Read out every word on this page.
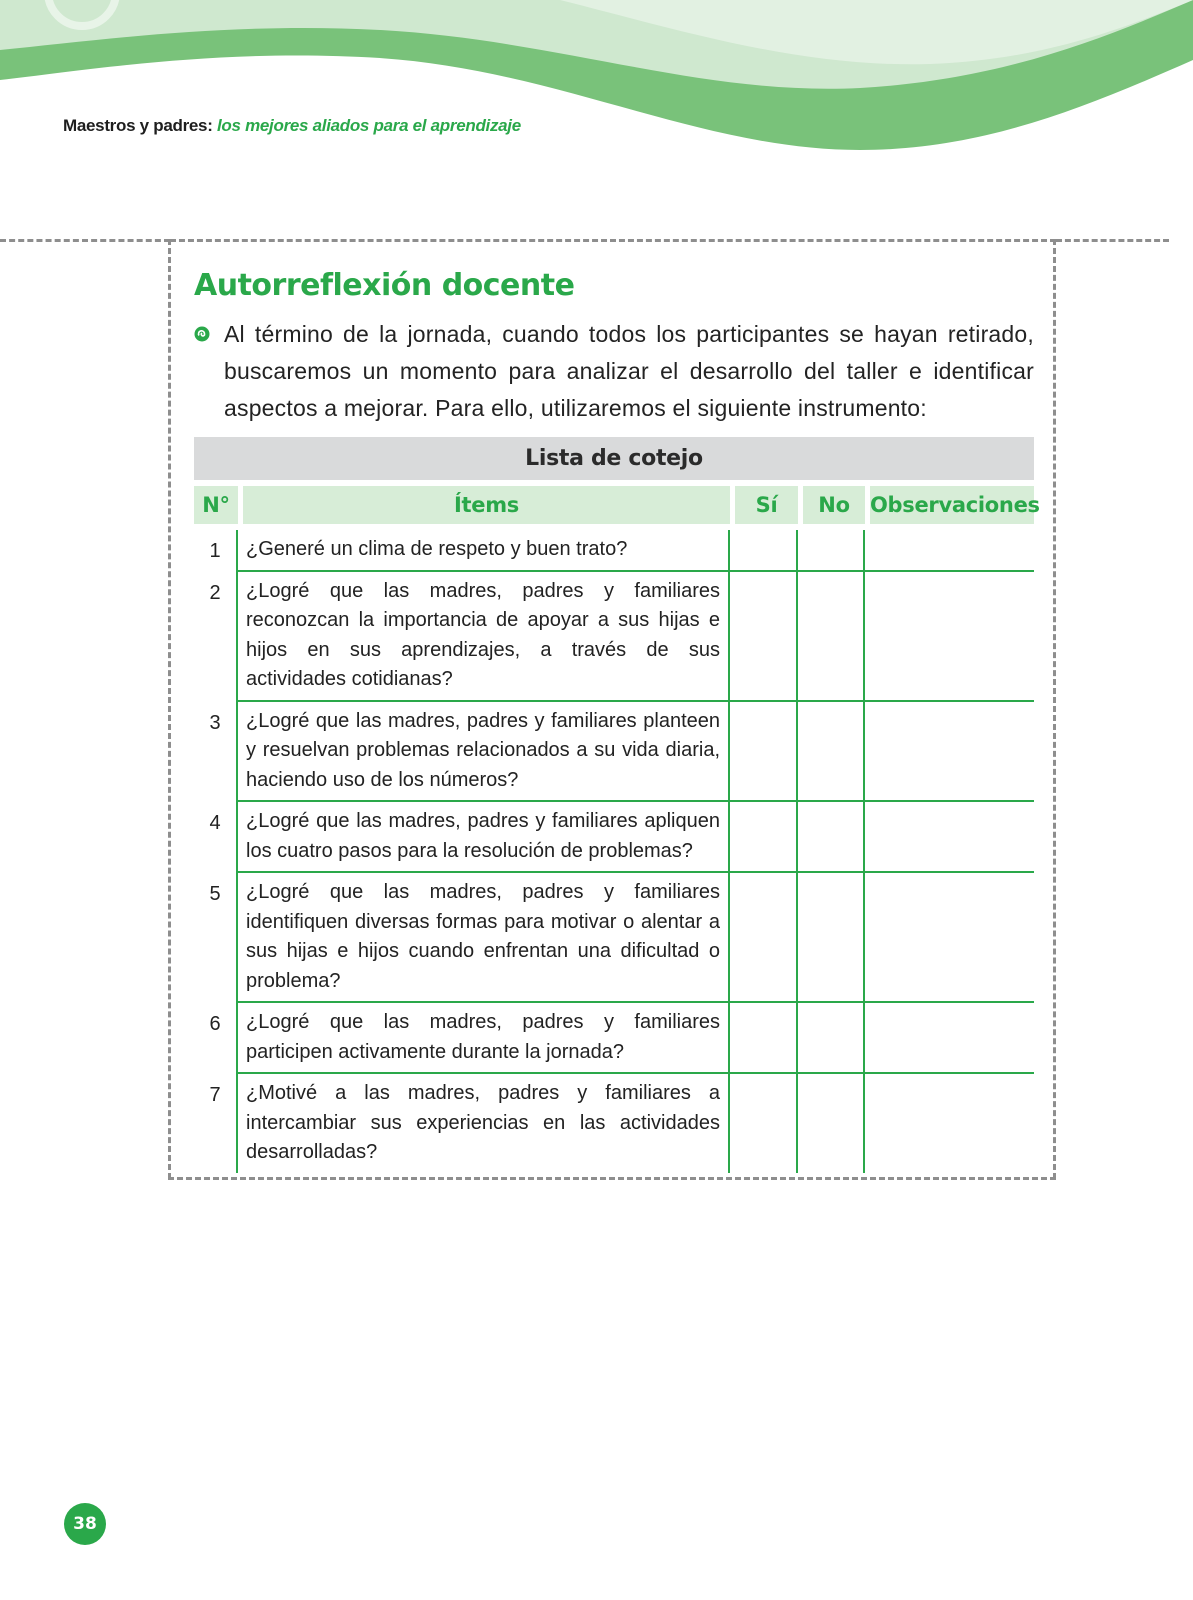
Maestros y padres: los mejores aliados para el aprendizaje
Autorreflexión docente

Al término de la jornada, cuando todos los participantes se hayan retirado, buscaremos un momento para analizar el desarrollo del taller e identificar aspectos a mejorar. Para ello, utilizaremos el siguiente instrumento:

Lista de cotejo				

N°	Ítems	Sí	No	Observaciones

1	¿Generé un clima de respeto y buen trato?			
2	¿Logré que las madres, padres y familiares reconozcan la importancia de apoyar a sus hijas e hijos en sus aprendizajes, a través de sus actividades cotidianas?			
3	¿Logré que las madres, padres y familiares planteen y resuelvan problemas relacionados a su vida diaria, haciendo uso de los números?			
4	¿Logré que las madres, padres y familiares apliquen los cuatro pasos para la resolución de problemas?			
5	¿Logré que las madres, padres y familiares identifiquen diversas formas para motivar o alentar a sus hijas e hijos cuando enfrentan una dificultad o problema?			
6	¿Logré que las madres, padres y familiares participen activamente durante la jornada?			
7	¿Motivé a las madres, padres y familiares a intercambiar sus experiencias en las actividades desarrolladas?			
38
